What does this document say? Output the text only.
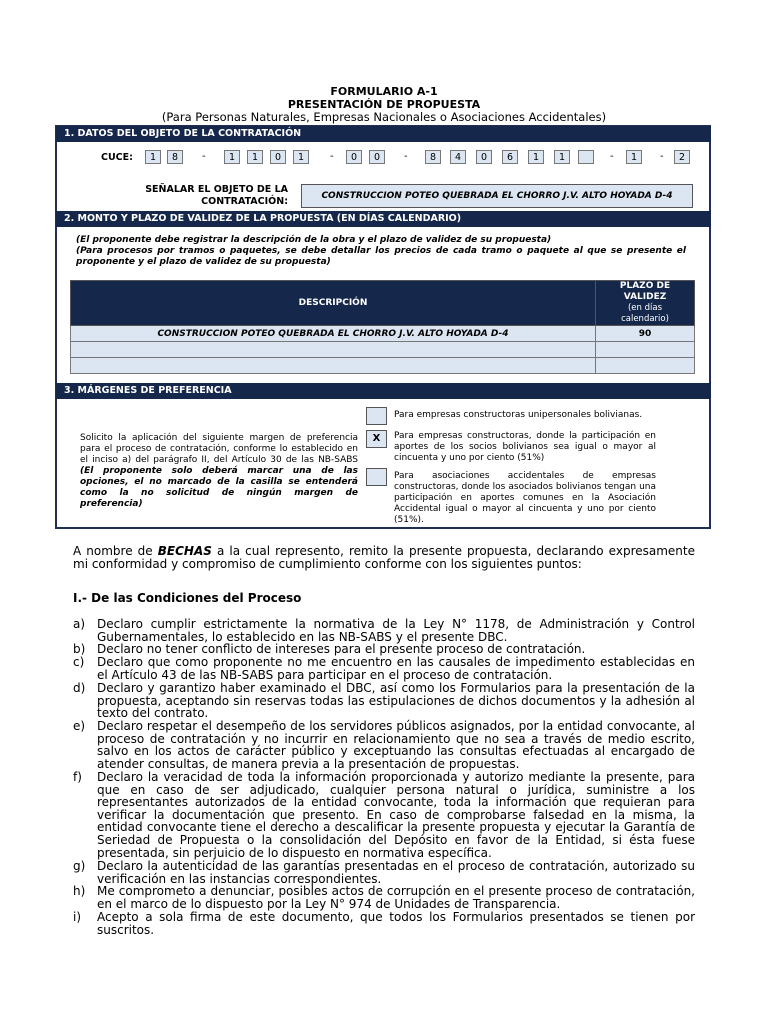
FORMULARIO A-1
PRESENTACIÓN DE PROPUESTA
(Para Personas Naturales, Empresas Nacionales o Asociaciones Accidentales)
1. DATOS DEL OBJETO DE LA CONTRATACIÓN
CUCE:	1	8	-	1	1	0	1	-	0	0	-	8	4	0	6	1	1	-	1	-	2
SEÑALAR EL OBJETO DE LA
CONTRATACIÓN:	CONSTRUCCION POTEO QUEBRADA EL CHORRO J.V. ALTO HOYADA D-4
2. MONTO Y PLAZO DE VALIDEZ DE LA PROPUESTA (EN DÍAS CALENDARIO)
(El proponente debe registrar la descripción de la obra y el plazo de validez de su propuesta)
(Para procesos por tramos o paquetes, se debe detallar los precios de cada tramo o paquete al que se presente el proponente y el plazo de validez de su propuesta)
DESCRIPCIÓN	PLAZO DE
VALIDEZ
(en días
calendario)
CONSTRUCCION POTEO QUEBRADA EL CHORRO J.V. ALTO HOYADA D-4	90

3. MÁRGENES DE PREFERENCIA
Solicito la aplicación del siguiente margen de preferencia para el proceso de contratación, conforme lo establecido en el inciso a) del parágrafo II, del Artículo 30 de las NB-SABS (El proponente solo deberá marcar una de las opciones, el no marcado de la casilla se entenderá como la no solicitud de ningún margen de preferencia)
Para empresas constructoras unipersonales bolivianas.
X	Para empresas constructoras, donde la participación en aportes de los socios bolivianos sea igual o mayor al cincuenta y uno por ciento (51%)
Para asociaciones accidentales de empresas constructoras, donde los asociados bolivianos tengan una participación en aportes comunes en la Asociación Accidental igual o mayor al cincuenta y uno por ciento (51%).
A nombre de BECHAS a la cual represento, remito la presente propuesta, declarando expresamente mi conformidad y compromiso de cumplimiento conforme con los siguientes puntos:
I.- De las Condiciones del Proceso
a) Declaro cumplir estrictamente la normativa de la Ley N° 1178, de Administración y Control Gubernamentales, lo establecido en las NB-SABS y el presente DBC.
b) Declaro no tener conflicto de intereses para el presente proceso de contratación.
c) Declaro que como proponente no me encuentro en las causales de impedimento establecidas en el Artículo 43 de las NB-SABS para participar en el proceso de contratación.
d) Declaro y garantizo haber examinado el DBC, así como los Formularios para la presentación de la propuesta, aceptando sin reservas todas las estipulaciones de dichos documentos y la adhesión al texto del contrato.
e) Declaro respetar el desempeño de los servidores públicos asignados, por la entidad convocante, al proceso de contratación y no incurrir en relacionamiento que no sea a través de medio escrito, salvo en los actos de carácter público y exceptuando las consultas efectuadas al encargado de atender consultas, de manera previa a la presentación de propuestas.
f) Declaro la veracidad de toda la información proporcionada y autorizo mediante la presente, para que en caso de ser adjudicado, cualquier persona natural o jurídica, suministre a los representantes autorizados de la entidad convocante, toda la información que requieran para verificar la documentación que presento. En caso de comprobarse falsedad en la misma, la entidad convocante tiene el derecho a descalificar la presente propuesta y ejecutar la Garantía de Seriedad de Propuesta o la consolidación del Depósito en favor de la Entidad, si ésta fuese presentada, sin perjuicio de lo dispuesto en normativa específica.
g) Declaro la autenticidad de las garantías presentadas en el proceso de contratación, autorizado su verificación en las instancias correspondientes.
h) Me comprometo a denunciar, posibles actos de corrupción en el presente proceso de contratación, en el marco de lo dispuesto por la Ley N° 974 de Unidades de Transparencia.
i) Acepto a sola firma de este documento, que todos los Formularios presentados se tienen por suscritos.
